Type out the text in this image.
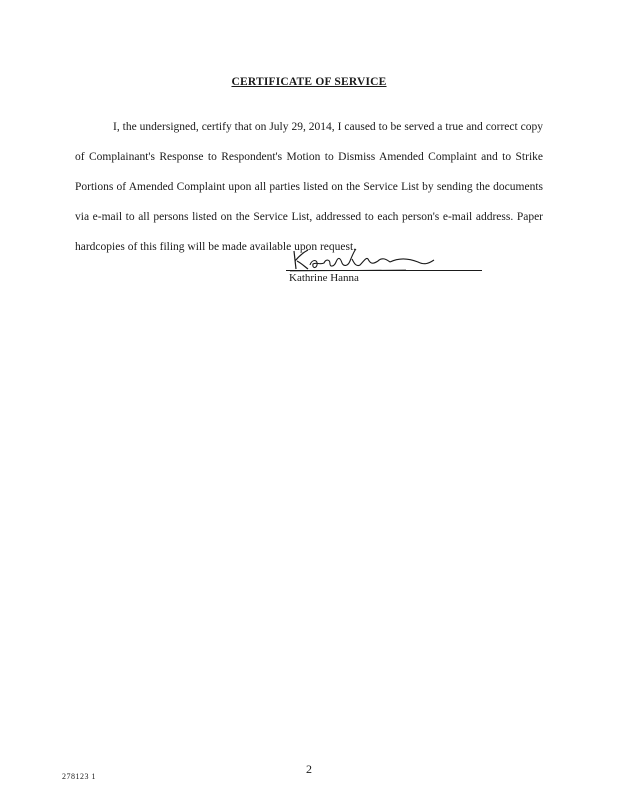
CERTIFICATE OF SERVICE

I, the undersigned, certify that on July 29, 2014, I caused to be served a true and correct copy of Complainant's Response to Respondent's Motion to Dismiss Amended Complaint and to Strike Portions of Amended Complaint upon all parties listed on the Service List by sending the documents via e-mail to all persons listed on the Service List, addressed to each person's e-mail address. Paper hardcopies of this filing will be made available upon request.

Kathrine Hanna
2
278123 1
